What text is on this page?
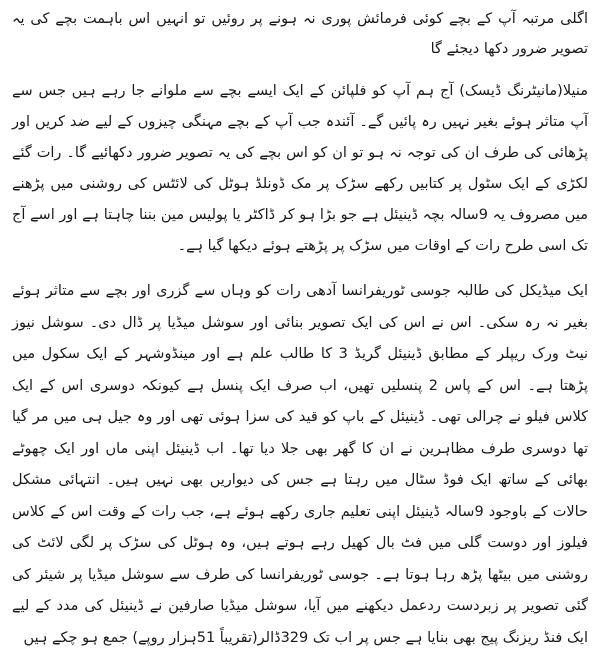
اگلی مرتبہ آپ کے بچے کوئی فرمائش پوری نہ ہونے پر روئیں تو انہیں اس باہمت بچے کی یہ تصویر ضرور دکھا دیجئے گا

منیلا(مانیٹرنگ ڈیسک) آج ہم آپ کو فلپائن کے ایک ایسے بچے سے ملوانے جا رہے ہیں جس سے آپ متاثر ہوئے بغیر نہیں رہ پائیں گے۔ آئندہ جب آپ کے بچے مہنگی چیزوں کے لیے ضد کریں اور پڑھائی کی طرف ان کی توجہ نہ ہو تو ان کو اس بچے کی یہ تصویر ضرور دکھائیے گا۔ رات گئے لکڑی کے ایک سٹول پر کتابیں رکھے سڑک پر مک ڈونلڈ ہوٹل کی لائٹس کی روشنی میں پڑھنے میں مصروف یہ 9سالہ بچہ ڈینیئل ہے جو بڑا ہو کر ڈاکٹر یا پولیس مین بننا چاہتا ہے اور اسے آج تک اسی طرح رات کے اوقات میں سڑک پر پڑھتے ہوئے دیکھا گیا ہے۔

ایک میڈیکل کی طالبہ جوسی ٹوریفرانسا آدھی رات کو وہاں سے گزری اور بچے سے متاثر ہوئے بغیر نہ رہ سکی۔ اس نے اس کی ایک تصویر بنائی اور سوشل میڈیا پر ڈال دی۔ سوشل نیوز نیٹ ورک ریپلر کے مطابق ڈینیئل گریڈ 3 کا طالب علم ہے اور مینڈوشہر کے ایک سکول میں پڑھتا ہے۔ اس کے پاس 2 پنسلیں تھیں، اب صرف ایک پنسل ہے کیونکہ دوسری اس کے ایک کلاس فیلو نے چرالی تھی۔ ڈینیئل کے باپ کو قید کی سزا ہوئی تھی اور وہ جیل ہی میں مر گیا تھا دوسری طرف مظاہرین نے ان کا گھر بھی جلا دیا تھا۔ اب ڈینیئل اپنی ماں اور ایک چھوٹے بھائی کے ساتھ ایک فوڈ سٹال میں رہتا ہے جس کی دیواریں بھی نہیں ہیں۔ انتہائی مشکل حالات کے باوجود 9سالہ ڈینیئل اپنی تعلیم جاری رکھے ہوئے ہے، جب رات کے وقت اس کے کلاس فیلوز اور دوست گلی میں فٹ بال کھیل رہے ہوتے ہیں، وہ ہوٹل کی سڑک پر لگی لائٹ کی روشنی میں بیٹھا پڑھ رہا ہوتا ہے۔ جوسی ٹوریفرانسا کی طرف سے سوشل میڈیا پر شیئر کی گئی تصویر پر زبردست ردعمل دیکھنے میں آیا، سوشل میڈیا صارفین نے ڈینیئل کی مدد کے لیے ایک فنڈ ریزنگ پیج بھی بنایا ہے جس پر اب تک 329ڈالر(تقریباً 51ہزار روپے) جمع ہو چکے ہیں
